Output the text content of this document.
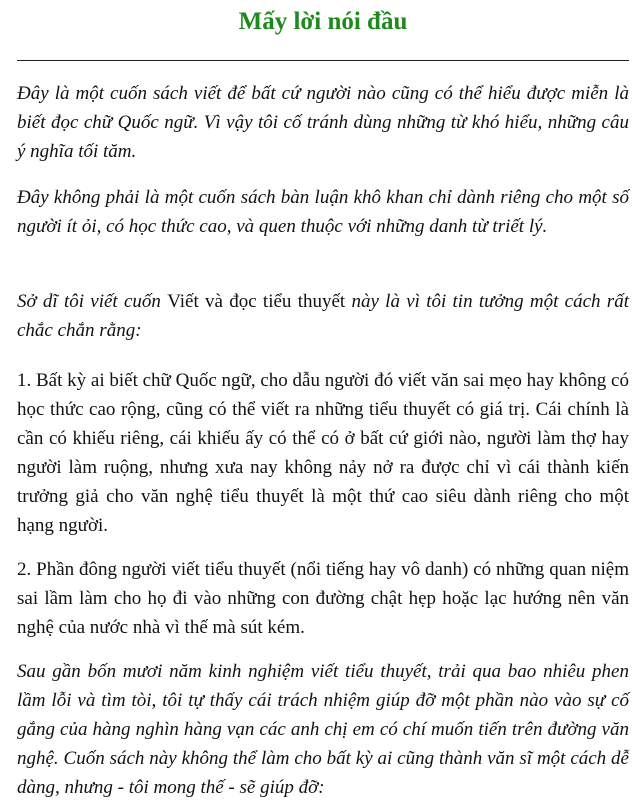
Mấy lời nói đầu

Đây là một cuốn sách viết để bất cứ người nào cũng có thể hiểu được miễn là biết đọc chữ Quốc ngữ. Vì vậy tôi cố tránh dùng những từ khó hiểu, những câu ý nghĩa tối tăm.

Đây không phải là một cuốn sách bàn luận khô khan chỉ dành riêng cho một số người ít ỏi, có học thức cao, và quen thuộc với những danh từ triết lý.

Sở dĩ tôi viết cuốn Viết và đọc tiểu thuyết này là vì tôi tin tưởng một cách rất chắc chắn rằng:

1. Bất kỳ ai biết chữ Quốc ngữ, cho dẫu người đó viết văn sai mẹo hay không có học thức cao rộng, cũng có thể viết ra những tiểu thuyết có giá trị. Cái chính là cần có khiếu riêng, cái khiếu ấy có thể có ở bất cứ giới nào, người làm thợ hay người làm ruộng, nhưng xưa nay không nảy nở ra được chỉ vì cái thành kiến trưởng giả cho văn nghệ tiểu thuyết là một thứ cao siêu dành riêng cho một hạng người.

2. Phần đông người viết tiểu thuyết (nổi tiếng hay vô danh) có những quan niệm sai lầm làm cho họ đi vào những con đường chật hẹp hoặc lạc hướng nên văn nghệ của nước nhà vì thế mà sút kém.

Sau gần bốn mươi năm kinh nghiệm viết tiểu thuyết, trải qua bao nhiêu phen lầm lỗi và tìm tòi, tôi tự thấy cái trách nhiệm giúp đỡ một phần nào vào sự cố gắng của hàng nghìn hàng vạn các anh chị em có chí muốn tiến trên đường văn nghệ. Cuốn sách này không thể làm cho bất kỳ ai cũng thành văn sĩ một cách dễ dàng, nhưng - tôi mong thế - sẽ giúp đỡ:
